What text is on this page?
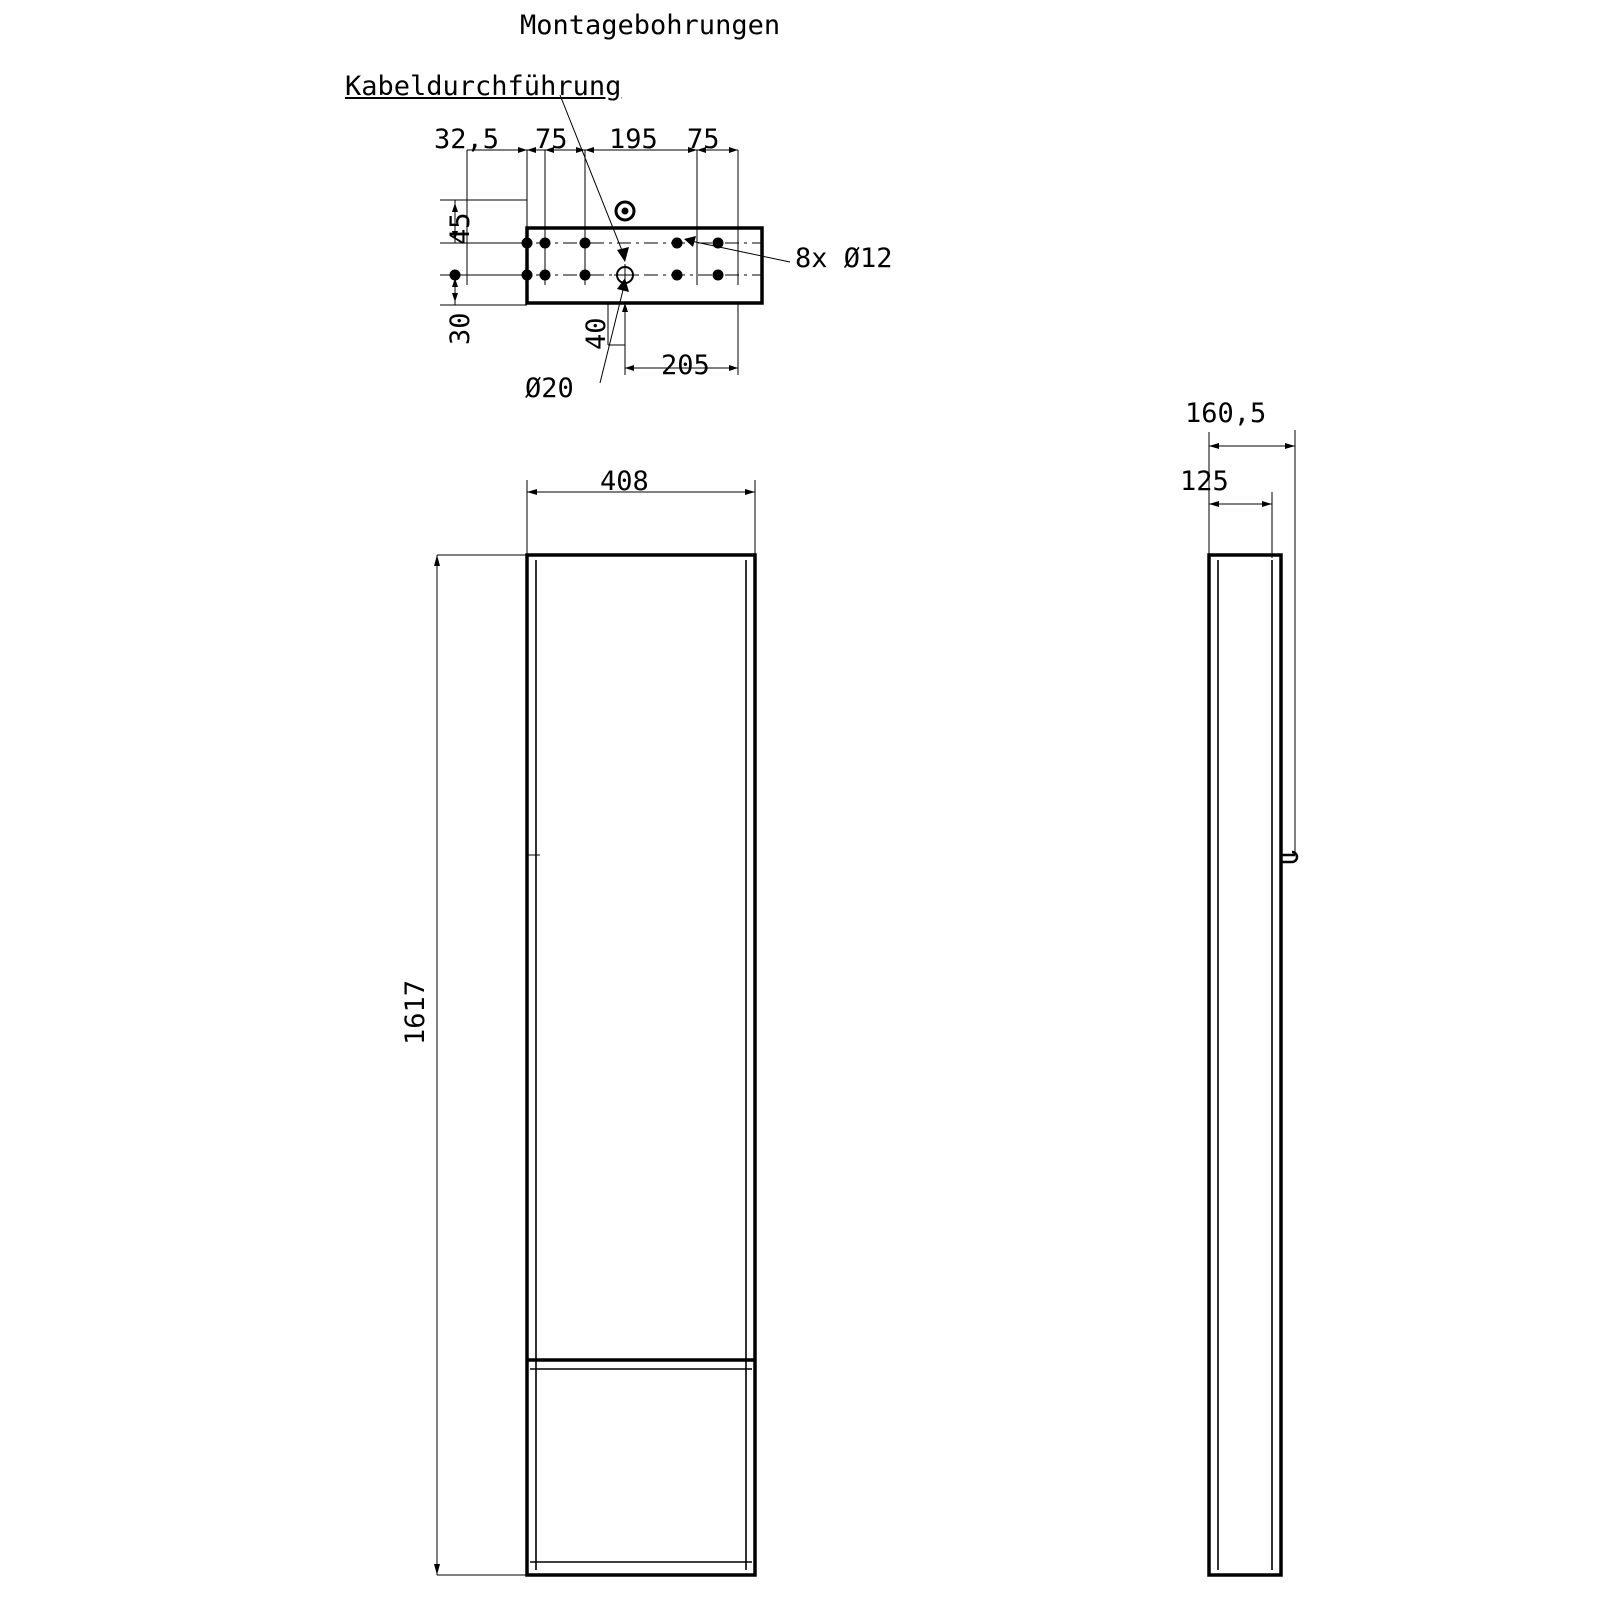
Montagebohrungen
Kabeldurchführung
32,5 75 195 75
45
30	40
205
8x Ø12
Ø20
408
1617
160,5
125
